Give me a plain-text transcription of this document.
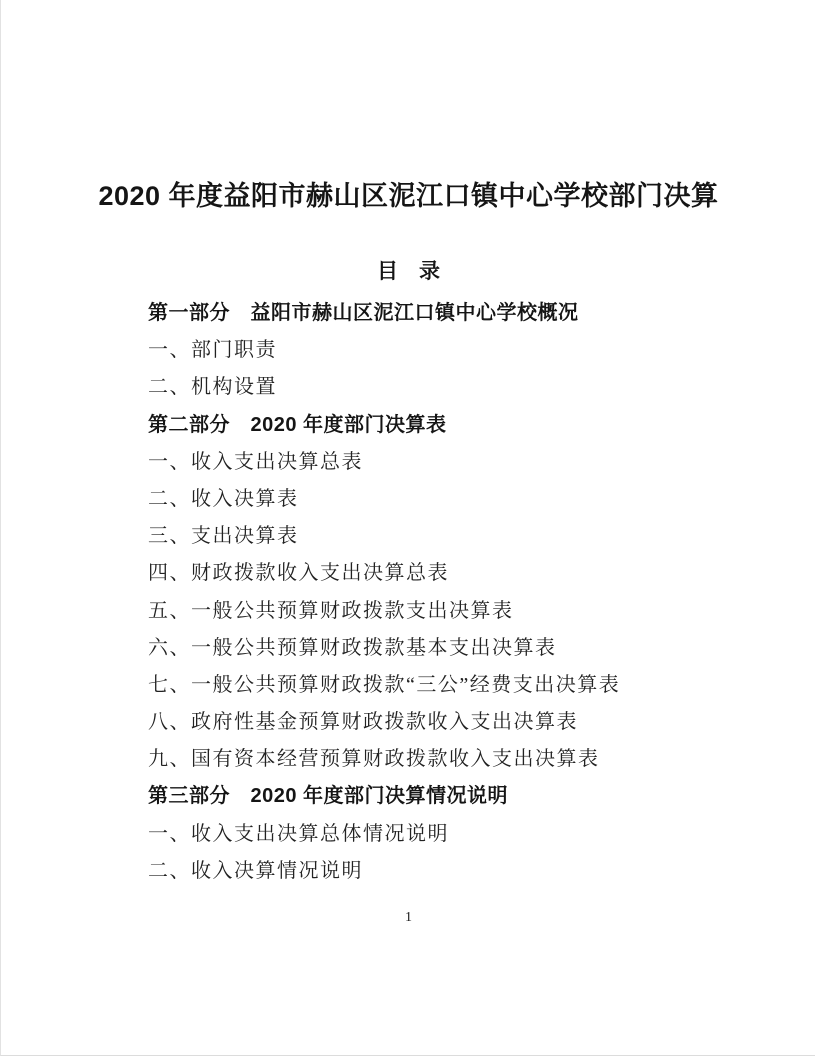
2020 年度益阳市赫山区泥江口镇中心学校部门决算
目　录
第一部分　益阳市赫山区泥江口镇中心学校概况
一、部门职责
二、机构设置
第二部分　2020 年度部门决算表
一、收入支出决算总表
二、收入决算表
三、支出决算表
四、财政拨款收入支出决算总表
五、一般公共预算财政拨款支出决算表
六、一般公共预算财政拨款基本支出决算表
七、一般公共预算财政拨款“三公”经费支出决算表
八、政府性基金预算财政拨款收入支出决算表
九、国有资本经营预算财政拨款收入支出决算表
第三部分　2020 年度部门决算情况说明
一、收入支出决算总体情况说明
二、收入决算情况说明
1
